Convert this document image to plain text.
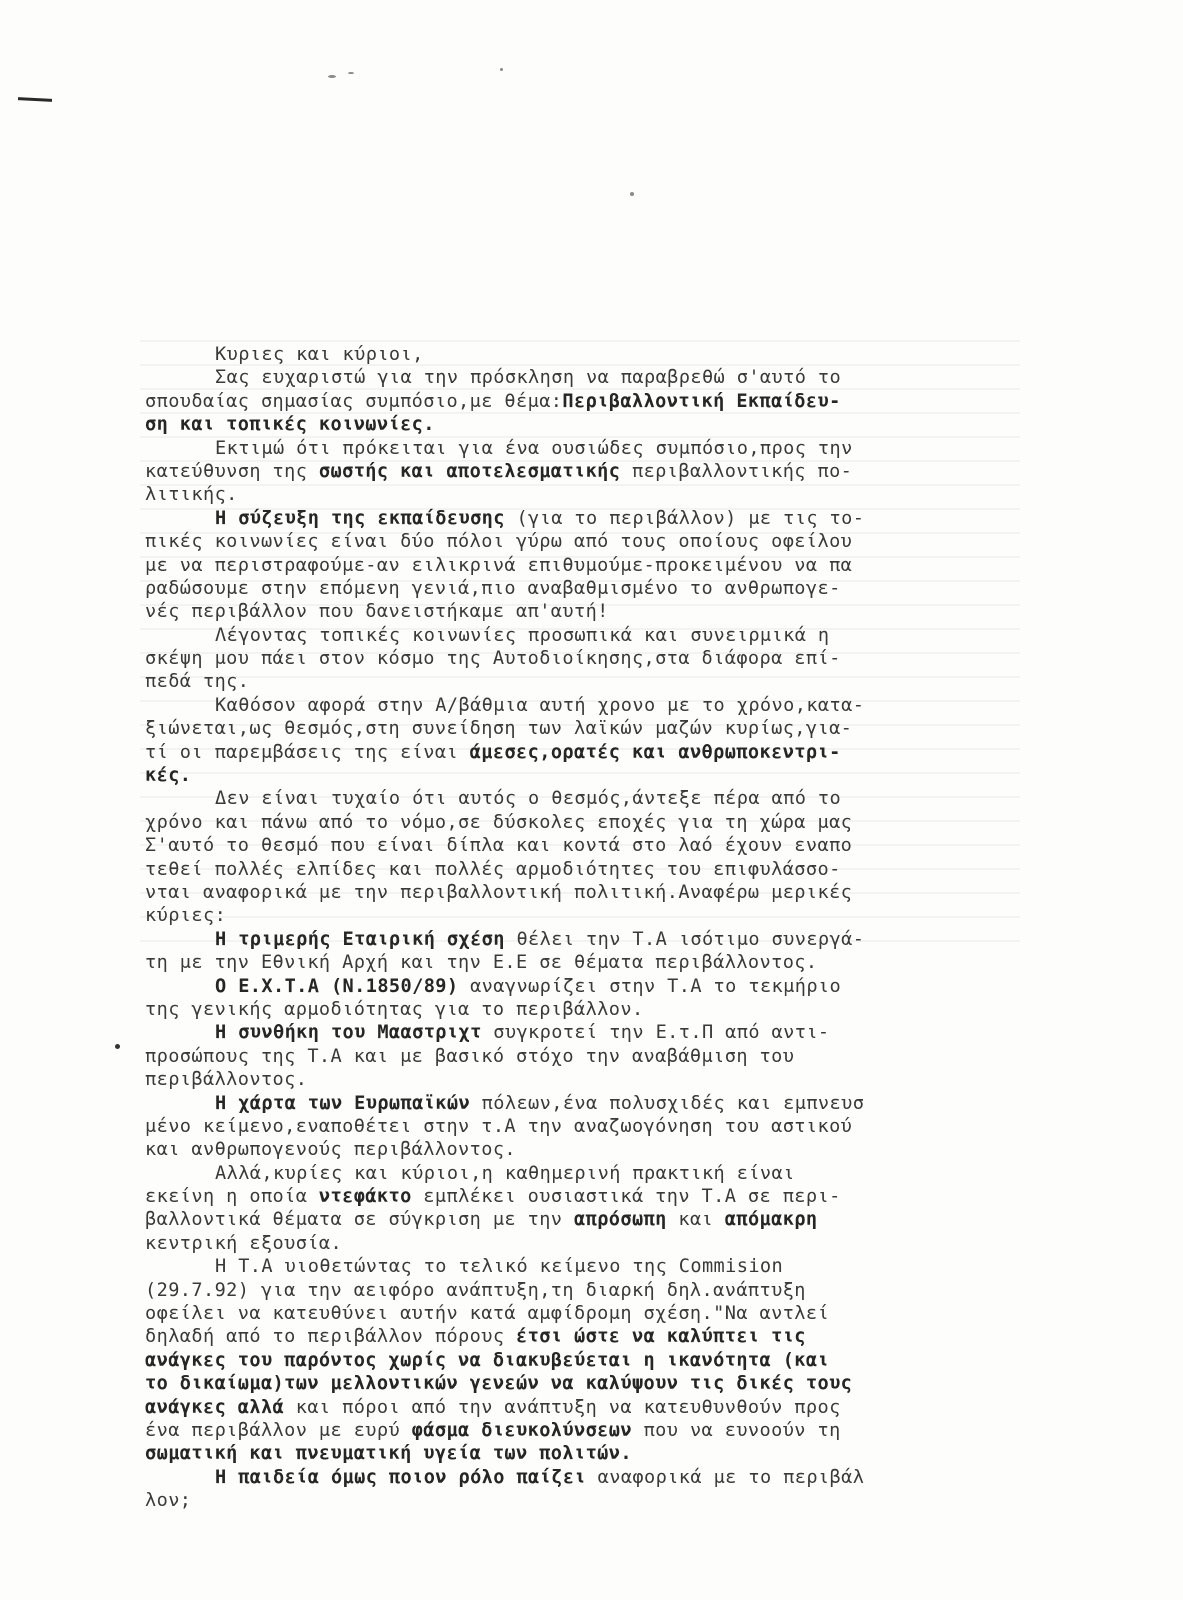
Κυριες και κύριοι,
Σας ευχαριστώ για την πρόσκληση να παραβρεθώ σ'αυτό το
σπουδαίας σημασίας συμπόσιο,με θέμα:Περιβαλλοντική Εκπαίδευ-
ση και τοπικές κοινωνίες.
Εκτιμώ ότι πρόκειται για ένα ουσιώδες συμπόσιο,προς την
κατεύθυνση της σωστής και αποτελεσματικής περιβαλλοντικής πο-
λιτικής.
Η σύζευξη της εκπαίδευσης (για το περιβάλλον) με τις το-
πικές κοινωνίες είναι δύο πόλοι γύρω από τους οποίους οφείλου
με να περιστραφούμε-αν ειλικρινά επιθυμούμε-προκειμένου να πα
ραδώσουμε στην επόμενη γενιά,πιο αναβαθμισμένο το ανθρωπογε-
νές περιβάλλον που δανειστήκαμε απ'αυτή!
Λέγοντας τοπικές κοινωνίες προσωπικά και συνειρμικά η
σκέψη μου πάει στον κόσμο της Αυτοδιοίκησης,στα διάφορα επί-
πεδά της.
Καθόσον αφορά στην Α/βάθμια αυτή χρονο με το χρόνο,κατα-
ξιώνεται,ως θεσμός,στη συνείδηση των λαϊκών μαζών κυρίως,για-
τί οι παρεμβάσεις της είναι άμεσες,ορατές και ανθρωποκεντρι-
κές.
Δεν είναι τυχαίο ότι αυτός ο θεσμός,άντεξε πέρα από το
χρόνο και πάνω από το νόμο,σε δύσκολες εποχές για τη χώρα μας
Σ'αυτό το θεσμό που είναι δίπλα και κοντά στο λαό έχουν εναπο
τεθεί πολλές ελπίδες και πολλές αρμοδιότητες του επιφυλάσσο-
νται αναφορικά με την περιβαλλοντική πολιτική.Αναφέρω μερικές
κύριες:
Η τριμερής Εταιρική σχέση θέλει την Τ.Α ισότιμο συνεργά-
τη με την Εθνική Αρχή και την Ε.Ε σε θέματα περιβάλλοντος.
Ο Ε.Χ.Τ.Α (Ν.1850/89) αναγνωρίζει στην Τ.Α το τεκμήριο
της γενικής αρμοδιότητας για το περιβάλλον.
Η συνθήκη του Μααστριχτ συγκροτεί την Ε.τ.Π από αντι-
προσώπους της Τ.Α και με βασικό στόχο την αναβάθμιση του
περιβάλλοντος.
Η χάρτα των Ευρωπαϊκών πόλεων,ένα πολυσχιδές και εμπνευσ
μένο κείμενο,εναποθέτει στην τ.Α την αναζωογόνηση του αστικού
και ανθρωπογενούς περιβάλλοντος.
Αλλά,κυρίες και κύριοι,η καθημερινή πρακτική είναι
εκείνη η οποία ντεφάκτο εμπλέκει ουσιαστικά την Τ.Α σε περι-
βαλλοντικά θέματα σε σύγκριση με την απρόσωπη και απόμακρη
κεντρική εξουσία.
Η Τ.Α υιοθετώντας το τελικό κείμενο της Commision
(29.7.92) για την αειφόρο ανάπτυξη,τη διαρκή δηλ.ανάπτυξη
οφείλει να κατευθύνει αυτήν κατά αμφίδρομη σχέση."Να αντλεί
δηλαδή από το περιβάλλον πόρους έτσι ώστε να καλύπτει τις
ανάγκες του παρόντος χωρίς να διακυβεύεται η ικανότητα (και
το δικαίωμα)των μελλοντικών γενεών να καλύψουν τις δικές τους
ανάγκες αλλά και πόροι από την ανάπτυξη να κατευθυνθούν προς
ένα περιβάλλον με ευρύ φάσμα διευκολύνσεων που να ευνοούν τη
σωματική και πνευματική υγεία των πολιτών.
Η παιδεία όμως ποιον ρόλο παίζει αναφορικά με το περιβάλ
λον;
